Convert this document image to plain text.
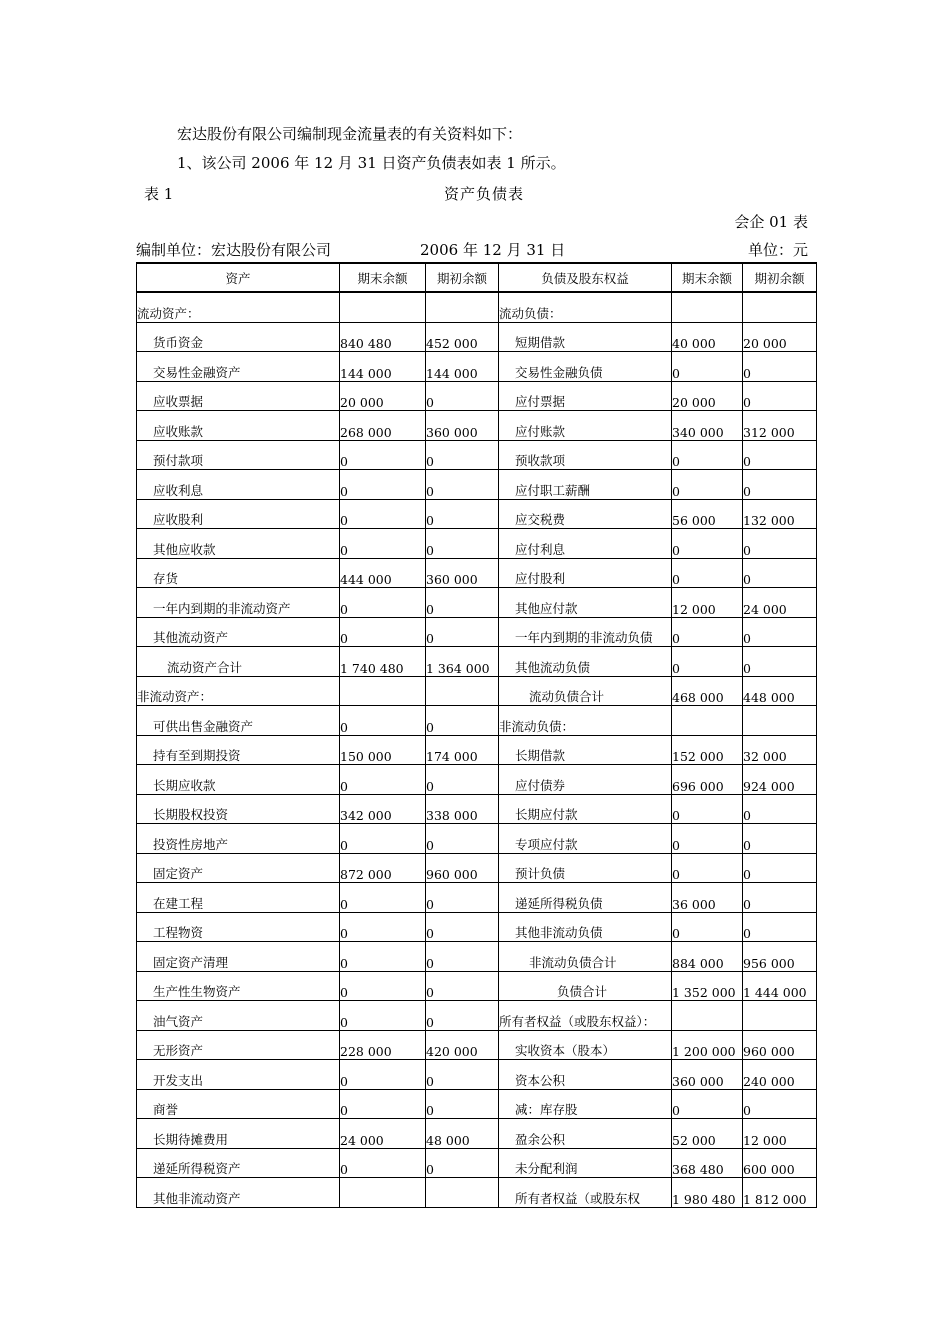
宏达股份有限公司编制现金流量表的有关资料如下：
1、该公司 2006 年 12 月 31 日资产负债表如表 1 所示。
表 1	资产负债表
会企 01 表
编制单位：宏达股份有限公司	2006 年 12 月 31 日	单位：元
资产	期末余额	期初余额	负债及股东权益	期末余额	期初余额
流动资产：			流动负债：		
货币资金	840 480	452 000	短期借款	40 000	20 000
交易性金融资产	144 000	144 000	交易性金融负债	0	0
应收票据	20 000	0	应付票据	20 000	0
应收账款	268 000	360 000	应付账款	340 000	312 000
预付款项	0	0	预收款项	0	0
应收利息	0	0	应付职工薪酬	0	0
应收股利	0	0	应交税费	56 000	132 000
其他应收款	0	0	应付利息	0	0
存货	444 000	360 000	应付股利	0	0
一年内到期的非流动资产	0	0	其他应付款	12 000	24 000
其他流动资产	0	0	一年内到期的非流动负债	0	0
流动资产合计	1 740 480	1 364 000	其他流动负债	0	0
非流动资产：			流动负债合计	468 000	448 000
可供出售金融资产	0	0	非流动负债：		
持有至到期投资	150 000	174 000	长期借款	152 000	32 000
长期应收款	0	0	应付债券	696 000	924 000
长期股权投资	342 000	338 000	长期应付款	0	0
投资性房地产	0	0	专项应付款	0	0
固定资产	872 000	960 000	预计负债	0	0
在建工程	0	0	递延所得税负债	36 000	0
工程物资	0	0	其他非流动负债	0	0
固定资产清理	0	0	非流动负债合计	884 000	956 000
生产性生物资产	0	0	负债合计	1 352 000	1 444 000
油气资产	0	0	所有者权益（或股东权益）：		
无形资产	228 000	420 000	实收资本（股本）	1 200 000	960 000
开发支出	0	0	资本公积	360 000	240 000
商誉	0	0	减：库存股	0	0
长期待摊费用	24 000	48 000	盈余公积	52 000	12 000
递延所得税资产	0	0	未分配利润	368 480	600 000
其他非流动资产			所有者权益（或股东权	1 980 480	1 812 000
